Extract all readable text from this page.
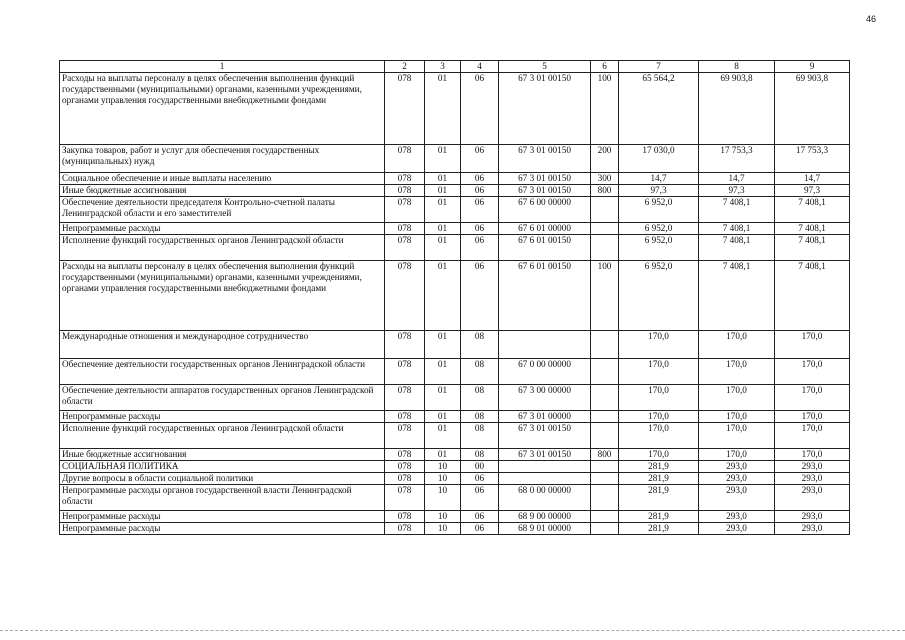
46
1	2	3	4	5	6	7	8	9
Расходы на выплаты персоналу в целях обеспечения выполнения функций государственными (муниципальными) органами, казенными учреждениями, органами управления государственными внебюджетными фондами	078	01	06	67 3 01 00150	100	65 564,2	69 903,8	69 903,8
Закупка товаров, работ и услуг для обеспечения государственных (муниципальных) нужд	078	01	06	67 3 01 00150	200	17 030,0	17 753,3	17 753,3
Социальное обеспечение и иные выплаты населению	078	01	06	67 3 01 00150	300	14,7	14,7	14,7
Иные бюджетные ассигнования	078	01	06	67 3 01 00150	800	97,3	97,3	97,3
Обеспечение деятельности председателя Контрольно-счетной палаты Ленинградской области и его заместителей	078	01	06	67 6 00 00000		6 952,0	7 408,1	7 408,1
Непрограммные расходы	078	01	06	67 6 01 00000		6 952,0	7 408,1	7 408,1
Исполнение функций государственных органов Ленинградской области	078	01	06	67 6 01 00150		6 952,0	7 408,1	7 408,1
Расходы на выплаты персоналу в целях обеспечения выполнения функций государственными (муниципальными) органами, казенными учреждениями, органами управления государственными внебюджетными фондами	078	01	06	67 6 01 00150	100	6 952,0	7 408,1	7 408,1
Международные отношения и международное сотрудничество	078	01	08			170,0	170,0	170,0
Обеспечение деятельности государственных органов Ленинградской области	078	01	08	67 0 00 00000		170,0	170,0	170,0
Обеспечение деятельности аппаратов государственных органов Ленинградской области	078	01	08	67 3 00 00000		170,0	170,0	170,0
Непрограммные расходы	078	01	08	67 3 01 00000		170,0	170,0	170,0
Исполнение функций государственных органов Ленинградской области	078	01	08	67 3 01 00150		170,0	170,0	170,0
Иные бюджетные ассигнования	078	01	08	67 3 01 00150	800	170,0	170,0	170,0
СОЦИАЛЬНАЯ ПОЛИТИКА	078	10	00			281,9	293,0	293,0
Другие вопросы в области социальной политики	078	10	06			281,9	293,0	293,0
Непрограммные расходы органов государственной власти Ленинградской области	078	10	06	68 0 00 00000		281,9	293,0	293,0
Непрограммные расходы	078	10	06	68 9 00 00000		281,9	293,0	293,0
Непрограммные расходы	078	10	06	68 9 01 00000		281,9	293,0	293,0
